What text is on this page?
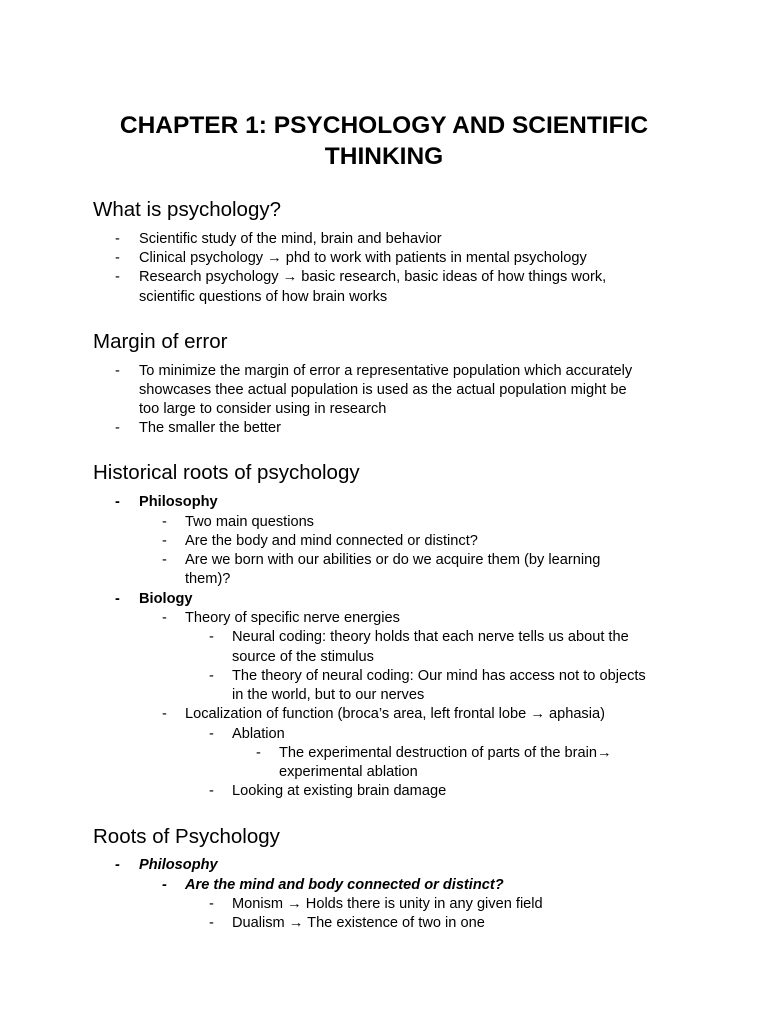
CHAPTER 1: PSYCHOLOGY AND SCIENTIFIC
THINKING
What is psychology?
-	Scientific study of the mind, brain and behavior
-	Clinical psychology → phd to work with patients in mental psychology
-	Research psychology → basic research, basic ideas of how things work,
scientific questions of how brain works
Margin of error
-	To minimize the margin of error a representative population which accurately
showcases thee actual population is used as the actual population might be
too large to consider using in research
-	The smaller the better
Historical roots of psychology
-	Philosophy
-	Two main questions
-	Are the body and mind connected or distinct?
-	Are we born with our abilities or do we acquire them (by learning
them)?
-	Biology
-	Theory of specific nerve energies
-	Neural coding: theory holds that each nerve tells us about the
source of the stimulus
-	The theory of neural coding: Our mind has access not to objects
in the world, but to our nerves
-	Localization of function (broca’s area, left frontal lobe → aphasia)
-	Ablation
-	The experimental destruction of parts of the brain→
experimental ablation
-	Looking at existing brain damage
Roots of Psychology
-	Philosophy
-	Are the mind and body connected or distinct?
-	Monism → Holds there is unity in any given field
-	Dualism → The existence of two in one
